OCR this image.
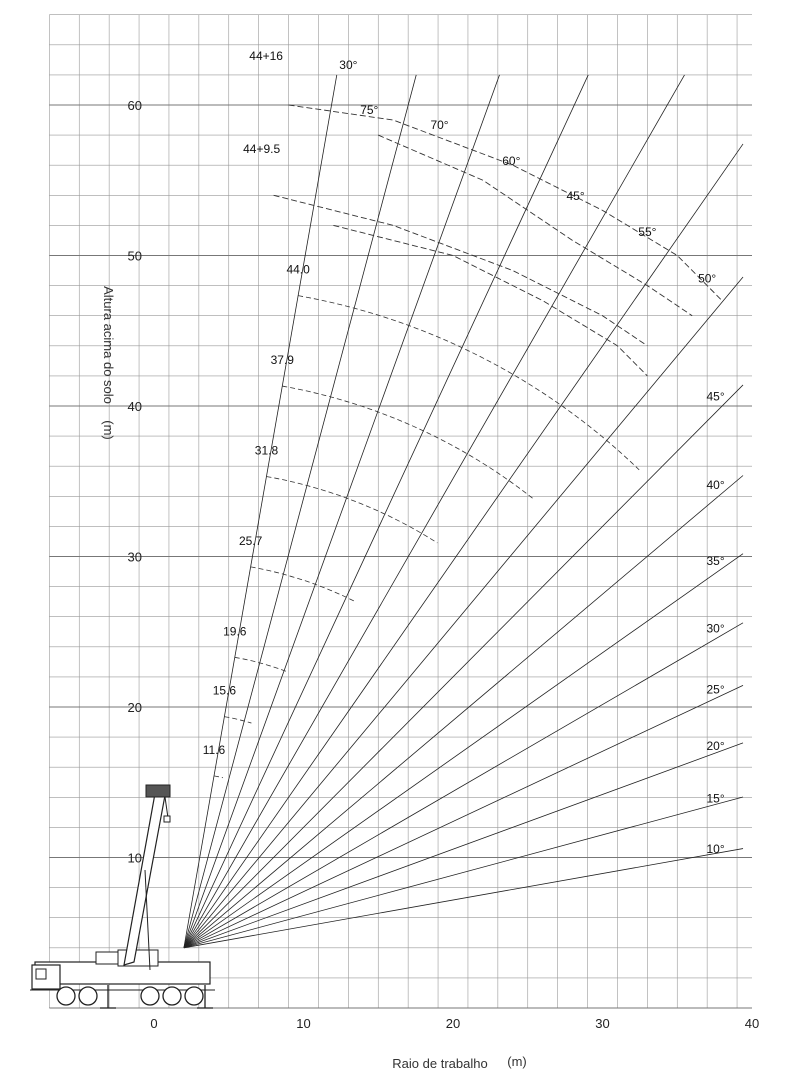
0	10	20	30	40
10
20
30
40
50
60
11.6
15.6
19.6
25.7
31.8
37.9
44.0
45°
40°
35°
30°
25°
20°
15°
10°
44+16
30°
44+9.5
75°
70°
60°
45°
55°
50°
Altura acima do solo
(m)
Raio de trabalho (m)
